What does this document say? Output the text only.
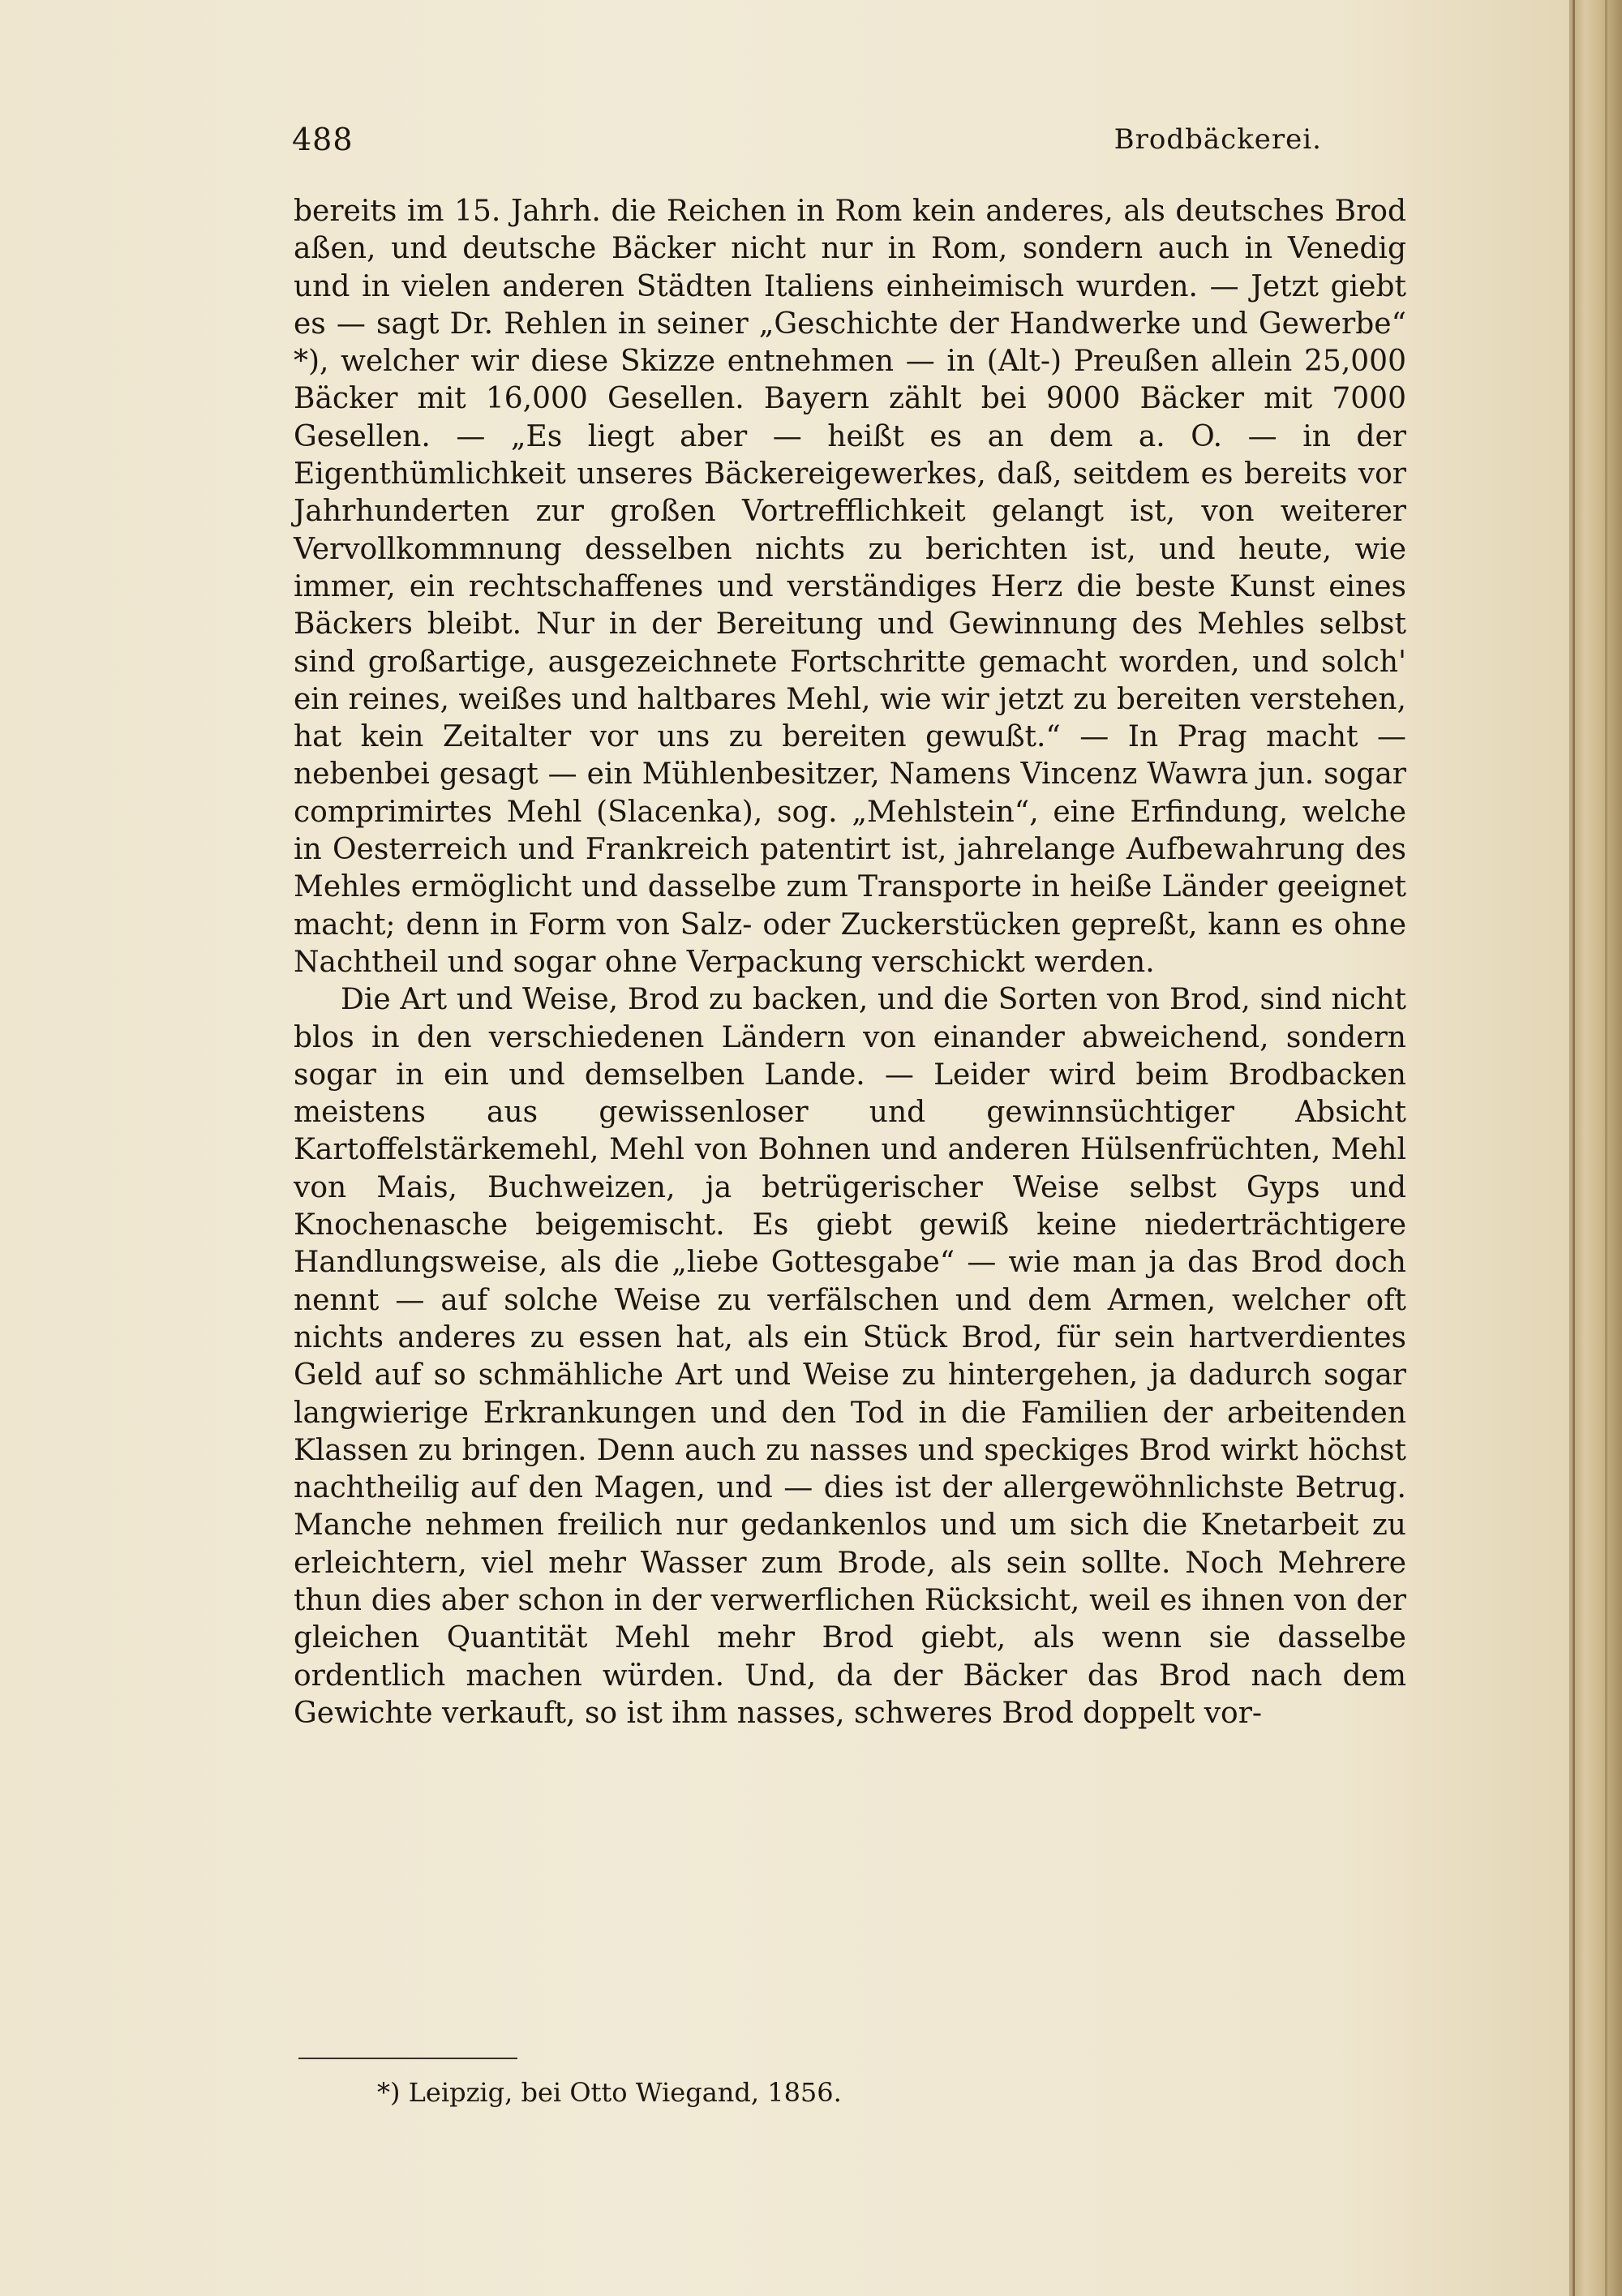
488	Brodbäckerei.

bereits im 15. Jahrh. die Reichen in Rom kein anderes, als deutsches Brod aßen, und deutsche Bäcker nicht nur in Rom, sondern auch in Venedig und in vielen anderen Städten Italiens einheimisch wurden. — Jetzt giebt es — sagt Dr. Rehlen in seiner „Geschichte der Handwerke und Gewerbe“ *), welcher wir diese Skizze entnehmen — in (Alt-) Preußen allein 25,000 Bäcker mit 16,000 Gesellen. Bayern zählt bei 9000 Bäcker mit 7000 Gesellen. — „Es liegt aber — heißt es an dem a. O. — in der Eigenthümlichkeit unseres Bäckereigewerkes, daß, seitdem es bereits vor Jahrhunderten zur großen Vortrefflichkeit gelangt ist, von weiterer Vervollkommnung desselben nichts zu berichten ist, und heute, wie immer, ein rechtschaffenes und verständiges Herz die beste Kunst eines Bäckers bleibt. Nur in der Bereitung und Gewinnung des Mehles selbst sind großartige, ausgezeichnete Fortschritte gemacht worden, und solch' ein reines, weißes und haltbares Mehl, wie wir jetzt zu bereiten verstehen, hat kein Zeitalter vor uns zu bereiten gewußt.“ — In Prag macht — nebenbei gesagt — ein Mühlenbesitzer, Namens Vincenz Wawra jun. sogar comprimirtes Mehl (Slacenka), sog. „Mehlstein“, eine Erfindung, welche in Oesterreich und Frankreich patentirt ist, jahrelange Aufbewahrung des Mehles ermöglicht und dasselbe zum Transporte in heiße Länder geeignet macht; denn in Form von Salz- oder Zuckerstücken gepreßt, kann es ohne Nachtheil und sogar ohne Verpackung verschickt werden.

Die Art und Weise, Brod zu backen, und die Sorten von Brod, sind nicht blos in den verschiedenen Ländern von einander abweichend, sondern sogar in ein und demselben Lande. — Leider wird beim Brodbacken meistens aus gewissenloser und gewinnsüchtiger Absicht Kartoffelstärkemehl, Mehl von Bohnen und anderen Hülsenfrüchten, Mehl von Mais, Buchweizen, ja betrügerischer Weise selbst Gyps und Knochenasche beigemischt. Es giebt gewiß keine niederträchtigere Handlungsweise, als die „liebe Gottesgabe“ — wie man ja das Brod doch nennt — auf solche Weise zu verfälschen und dem Armen, welcher oft nichts anderes zu essen hat, als ein Stück Brod, für sein hartverdientes Geld auf so schmähliche Art und Weise zu hintergehen, ja dadurch sogar langwierige Erkrankungen und den Tod in die Familien der arbeitenden Klassen zu bringen. Denn auch zu nasses und speckiges Brod wirkt höchst nachtheilig auf den Magen, und — dies ist der allergewöhnlichste Betrug. Manche nehmen freilich nur gedankenlos und um sich die Knetarbeit zu erleichtern, viel mehr Wasser zum Brode, als sein sollte. Noch Mehrere thun dies aber schon in der verwerflichen Rücksicht, weil es ihnen von der gleichen Quantität Mehl mehr Brod giebt, als wenn sie dasselbe ordentlich machen würden. Und, da der Bäcker das Brod nach dem Gewichte verkauft, so ist ihm nasses, schweres Brod doppelt vor-

*) Leipzig, bei Otto Wiegand, 1856.
